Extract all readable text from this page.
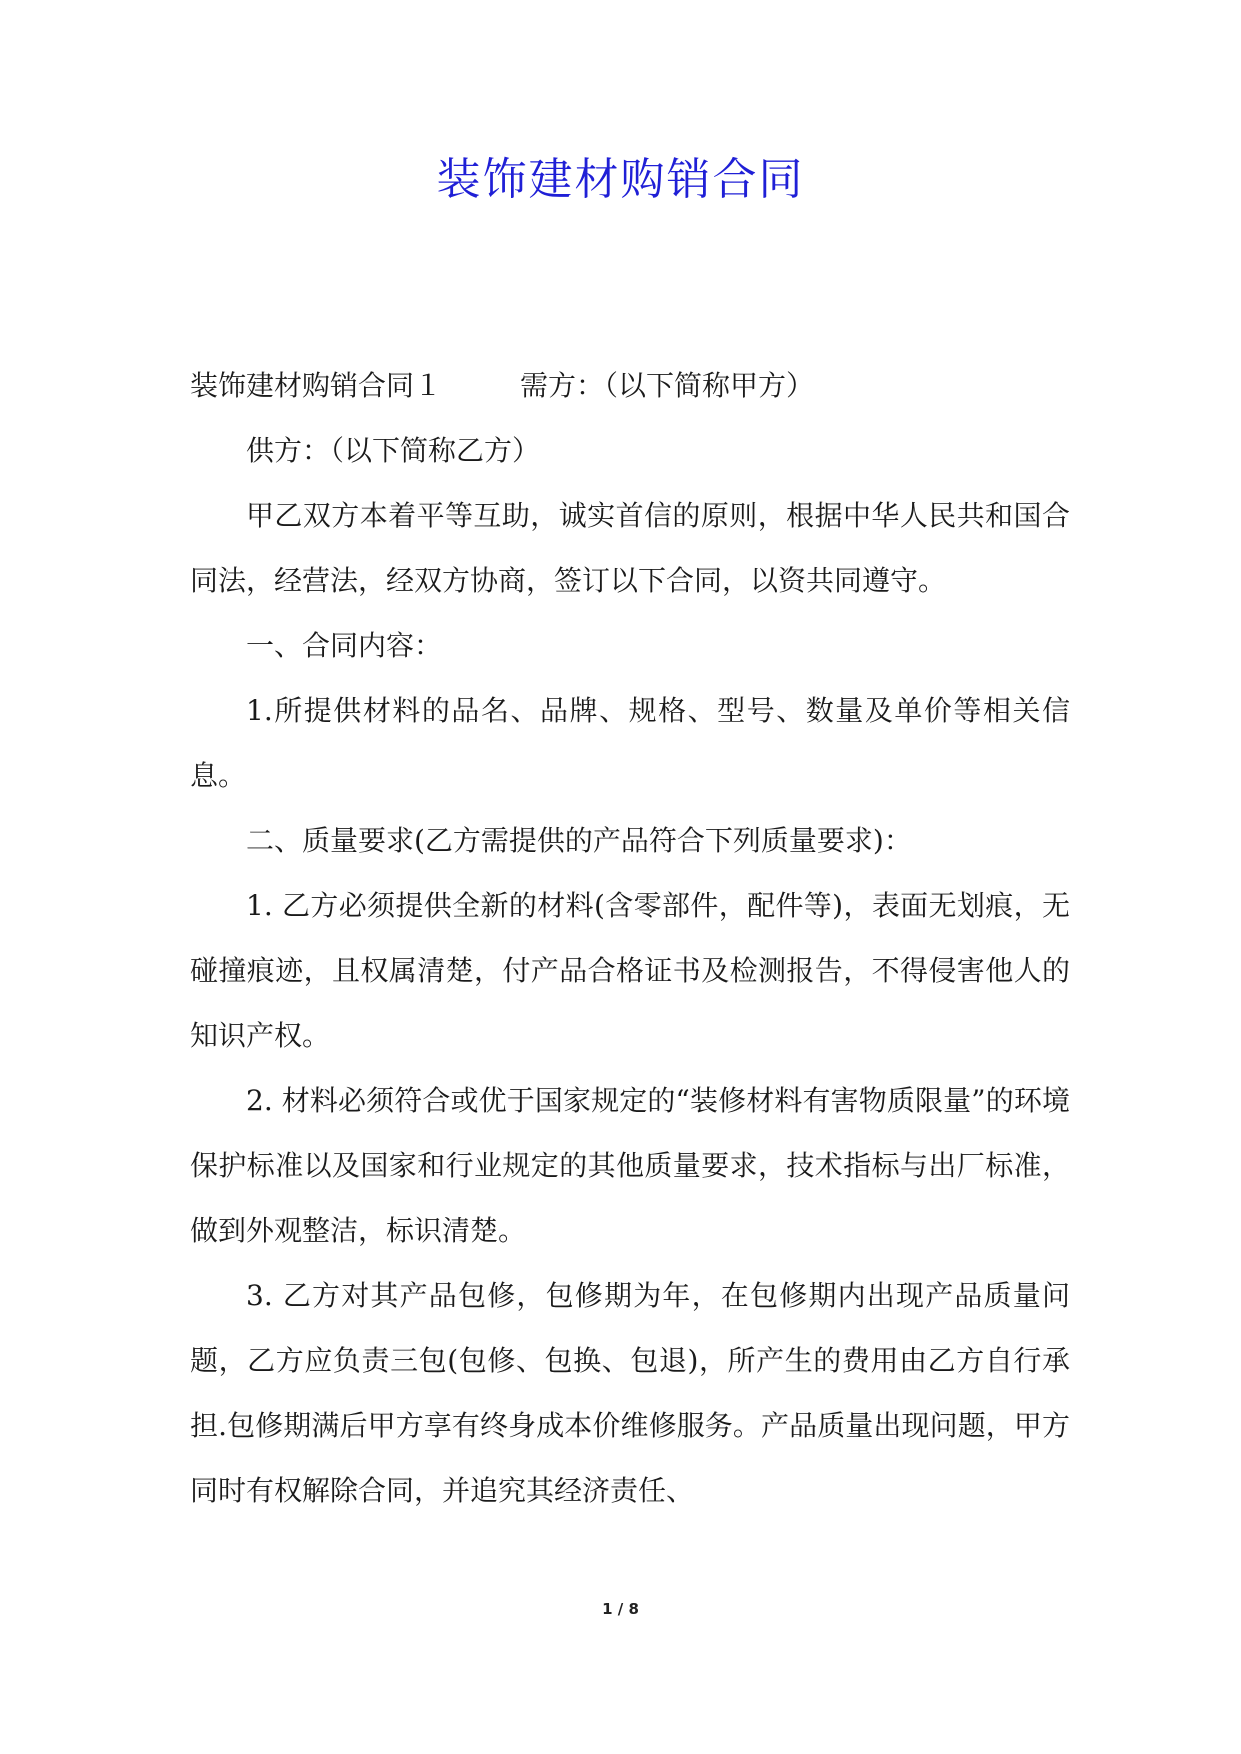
装饰建材购销合同

装饰建材购销合同１	需方：（以下简称甲方）

供方：（以下简称乙方）

甲乙双方本着平等互助，诚实首信的原则，根据中华人民共和国合同法，经营法，经双方协商，签订以下合同，以资共同遵守。

一、合同内容：

1.所提供材料的品名、品牌、规格、型号、数量及单价等相关信息。

二、质量要求(乙方需提供的产品符合下列质量要求)：

1. 乙方必须提供全新的材料(含零部件，配件等)，表面无划痕，无碰撞痕迹，且权属清楚，付产品合格证书及检测报告，不得侵害他人的知识产权。

2. 材料必须符合或优于国家规定的“装修材料有害物质限量”的环境保护标准以及国家和行业规定的其他质量要求，技术指标与出厂标准，做到外观整洁，标识清楚。

3. 乙方对其产品包修，包修期为年，在包修期内出现产品质量问题，乙方应负责三包(包修、包换、包退)，所产生的费用由乙方自行承担.包修期满后甲方享有终身成本价维修服务。产品质量出现问题，甲方同时有权解除合同，并追究其经济责任、

1 / 8
